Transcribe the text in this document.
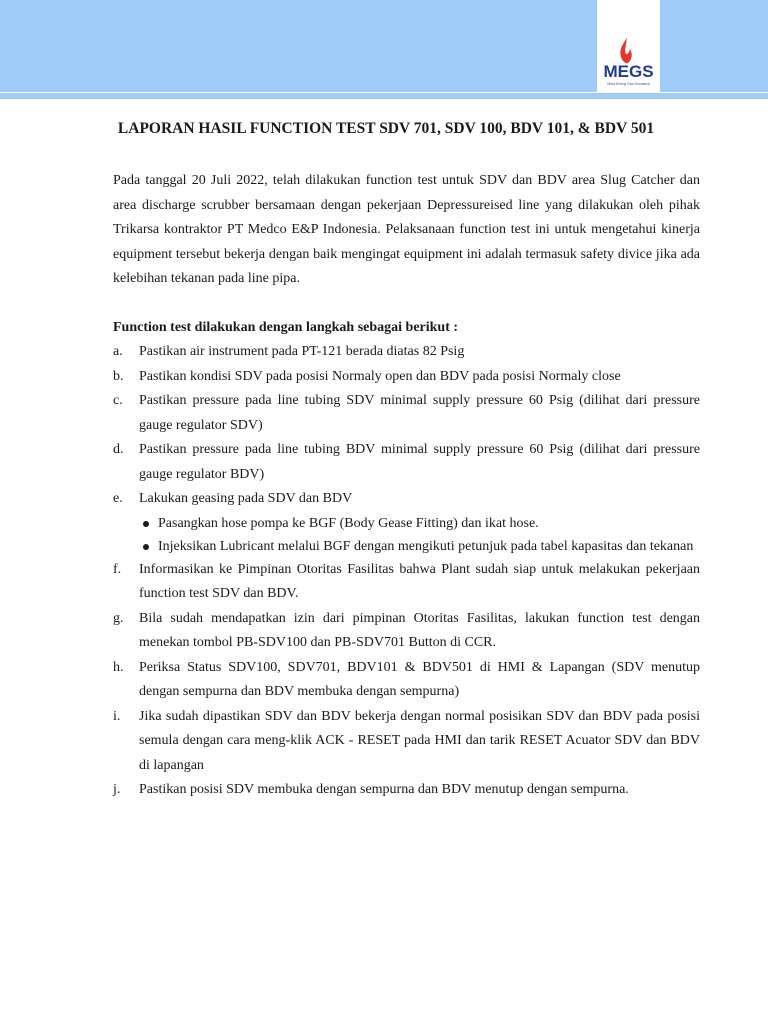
MEGS
Mitra Energi Gas Sumatera
LAPORAN HASIL FUNCTION TEST SDV 701, SDV 100, BDV 101, & BDV 501

Pada tanggal 20 Juli 2022, telah dilakukan function test untuk SDV dan BDV area Slug Catcher dan area discharge scrubber bersamaan dengan pekerjaan Depressureised line yang dilakukan oleh pihak Trikarsa kontraktor PT Medco E&P Indonesia. Pelaksanaan function test ini untuk mengetahui kinerja equipment tersebut bekerja dengan baik mengingat equipment ini adalah termasuk safety divice jika ada kelebihan tekanan pada line pipa.

Function test dilakukan dengan langkah sebagai berikut :

a.	Pastikan air instrument pada PT-121 berada diatas 82 Psig
b.	Pastikan kondisi SDV pada posisi Normaly open dan BDV pada posisi Normaly close
c.	Pastikan pressure pada line tubing SDV minimal supply pressure 60 Psig (dilihat dari pressure gauge regulator SDV)
d.	Pastikan pressure pada line tubing BDV minimal supply pressure 60 Psig (dilihat dari pressure gauge regulator BDV)
e.	Lakukan geasing pada SDV dan BDV
Pasangkan hose pompa ke BGF (Body Gease Fitting) dan ikat hose.
Injeksikan Lubricant melalui BGF dengan mengikuti petunjuk pada tabel kapasitas dan tekanan
f.	Informasikan ke Pimpinan Otoritas Fasilitas bahwa Plant sudah siap untuk melakukan pekerjaan function test SDV dan BDV.
g.	Bila sudah mendapatkan izin dari pimpinan Otoritas Fasilitas, lakukan function test dengan menekan tombol PB-SDV100 dan PB-SDV701 Button di CCR.
h.	Periksa Status SDV100, SDV701, BDV101 & BDV501 di HMI & Lapangan (SDV menutup dengan sempurna dan BDV membuka dengan sempurna)
i.	Jika sudah dipastikan SDV dan BDV bekerja dengan normal posisikan SDV dan BDV pada posisi semula dengan cara meng-klik ACK - RESET pada HMI dan tarik RESET Acuator SDV dan BDV di lapangan
j.	Pastikan posisi SDV membuka dengan sempurna dan BDV menutup dengan sempurna.
